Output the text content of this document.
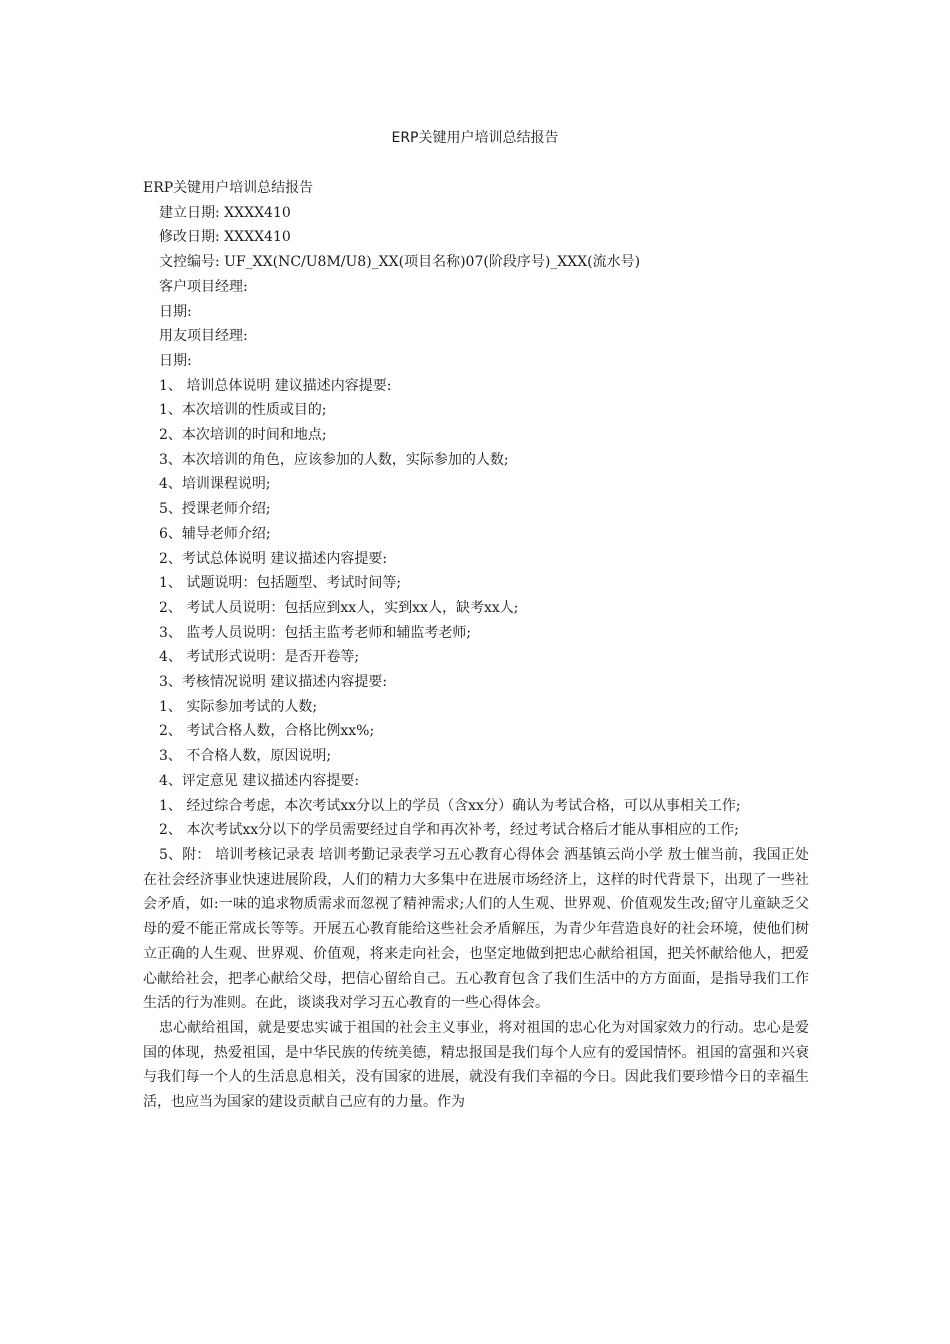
ERP关键用户培训总结报告
ERP关键用户培训总结报告
建立日期: XXXX410
修改日期: XXXX410
文控编号: UF_XX(NC/U8M/U8)_XX(项目名称)07(阶段序号)_XXX(流水号)
客户项目经理:
日期:
用友项目经理:
日期:
1、 培训总体说明 建议描述内容提要:
1、本次培训的性质或目的;
2、本次培训的时间和地点;
3、本次培训的角色，应该参加的人数，实际参加的人数;
4、培训课程说明;
5、授课老师介绍;
6、辅导老师介绍;
2、考试总体说明 建议描述内容提要:
1、 试题说明：包括题型、考试时间等;
2、 考试人员说明：包括应到xx人，实到xx人，缺考xx人;
3、 监考人员说明：包括主监考老师和辅监考老师;
4、 考试形式说明：是否开卷等;
3、考核情况说明 建议描述内容提要:
1、 实际参加考试的人数;
2、 考试合格人数，合格比例xx%;
3、 不合格人数，原因说明;
4、评定意见 建议描述内容提要:
1、 经过综合考虑，本次考试xx分以上的学员（含xx分）确认为考试合格，可以从事相关工作;
2、 本次考试xx分以下的学员需要经过自学和再次补考，经过考试合格后才能从事相应的工作;
5、附： 培训考核记录表 培训考勤记录表学习五心教育心得体会 洒基镇云尚小学 敖士催当前，我国正处在社会经济事业快速进展阶段，人们的精力大多集中在进展市场经济上，这样的时代背景下，出现了一些社会矛盾，如:一味的追求物质需求而忽视了精神需求;人们的人生观、世界观、价值观发生改;留守儿童缺乏父母的爱不能正常成长等等。开展五心教育能给这些社会矛盾解压，为青少年营造良好的社会环境，使他们树立正确的人生观、世界观、价值观，将来走向社会，也坚定地做到把忠心献给祖国，把关怀献给他人，把爱心献给社会，把孝心献给父母，把信心留给自己。五心教育包含了我们生活中的方方面面，是指导我们工作生活的行为准则。在此，谈谈我对学习五心教育的一些心得体会。
忠心献给祖国，就是要忠实诚于祖国的社会主义事业，将对祖国的忠心化为对国家效力的行动。忠心是爱国的体现，热爱祖国，是中华民族的传统美德，精忠报国是我们每个人应有的爱国情怀。祖国的富强和兴衰与我们每一个人的生活息息相关，没有国家的进展，就没有我们幸福的今日。因此我们要珍惜今日的幸福生活，也应当为国家的建设贡献自己应有的力量。作为
